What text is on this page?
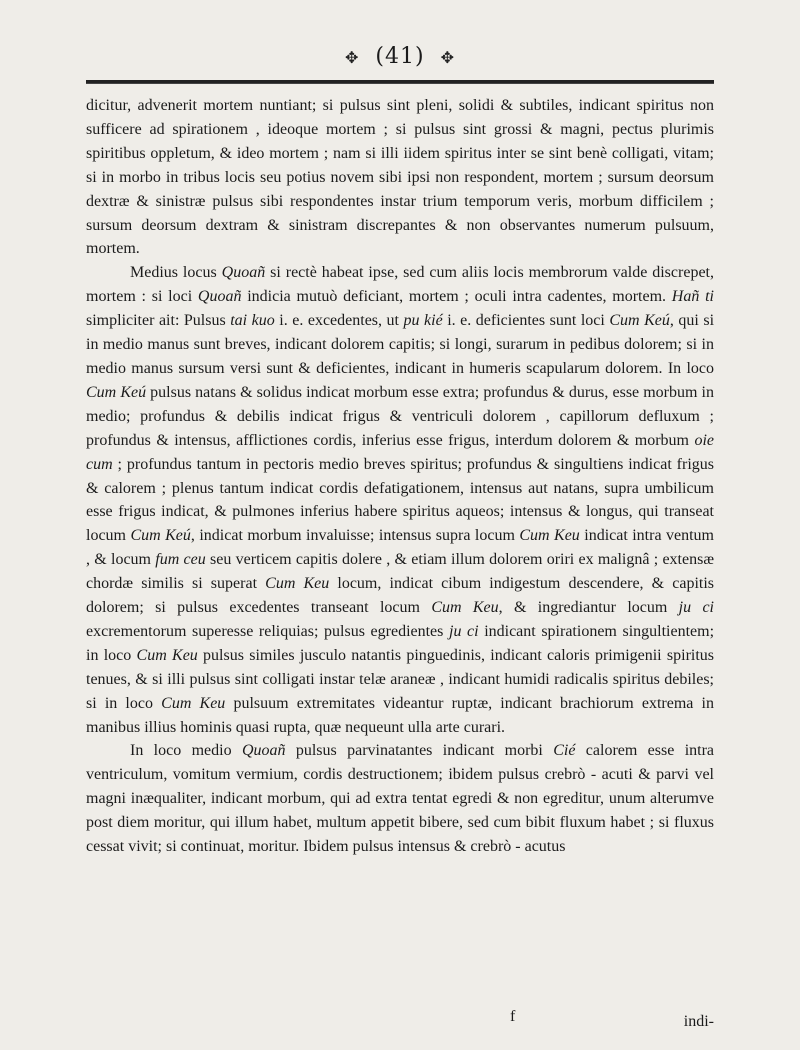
✥ (41) ✥

dicitur, advenerit mortem nuntiant; si pulsus sint pleni, solidi & subtiles, indicant spiritus non sufficere ad spirationem , ideoque mortem ; si pulsus sint grossi & magni, pectus plurimis spiritibus oppletum, & ideo mortem ; nam si illi iidem spiritus inter se sint benè colligati, vitam; si in morbo in tribus locis seu potius novem sibi ipsi non respondent, mortem ; sursum deorsum dextræ & sinistræ pulsus sibi respondentes instar trium temporum veris, morbum difficilem ; sursum deorsum dextram & sinistram discrepantes & non observantes numerum pulsuum, mortem.

Medius locus Quoañ si rectè habeat ipse, sed cum aliis locis membrorum valde discrepet, mortem : si loci Quoañ indicia mutuò deficiant, mortem ; oculi intra cadentes, mortem. Hañ ti simpliciter ait: Pulsus tai kuo i. e. excedentes, ut pu kié i. e. deficientes sunt loci Cum Keú, qui si in medio manus sunt breves, indicant dolorem capitis; si longi, surarum in pedibus dolorem; si in medio manus sursum versi sunt & deficientes, indicant in humeris scapularum dolorem. In loco Cum Keú pulsus natans & solidus indicat morbum esse extra; profundus & durus, esse morbum in medio; profundus & debilis indicat frigus & ventriculi dolorem , capillorum defluxum ; profundus & intensus, afflictiones cordis, inferius esse frigus, interdum dolorem & morbum oie cum ; profundus tantum in pectoris medio breves spiritus; profundus & singultiens indicat frigus & calorem ; plenus tantum indicat cordis defatigationem, intensus aut natans, supra umbilicum esse frigus indicat, & pulmones inferius habere spiritus aqueos; intensus & longus, qui transeat locum Cum Keú, indicat morbum invaluisse; intensus supra locum Cum Keu indicat intra ventum , & locum fum ceu seu verticem capitis dolere , & etiam illum dolorem oriri ex malignâ ; extensæ chordæ similis si superat Cum Keu locum, indicat cibum indigestum descendere, & capitis dolorem; si pulsus excedentes transeant locum Cum Keu, & ingrediantur locum ju ci excrementorum superesse reliquias; pulsus egredientes ju ci indicant spirationem singultientem; in loco Cum Keu pulsus similes jusculo natantis pinguedinis, indicant caloris primigenii spiritus tenues, & si illi pulsus sint colligati instar telæ araneæ , indicant humidi radicalis spiritus debiles; si in loco Cum Keu pulsuum extremitates videantur ruptæ, indicant brachiorum extrema in manibus illius hominis quasi rupta, quæ nequeunt ulla arte curari.

In loco medio Quoañ pulsus parvinatantes indicant morbi Cié calorem esse intra ventriculum, vomitum vermium, cordis destructionem; ibidem pulsus crebrò - acuti & parvi vel magni inæqualiter, indicant morbum, qui ad extra tentat egredi & non egreditur, unum alterumve post diem moritur, qui illum habet, multum appetit bibere, sed cum bibit fluxum habet ; si fluxus cessat vivit; si continuat, moritur. Ibidem pulsus intensus & crebrò - acutus

f	indi-
